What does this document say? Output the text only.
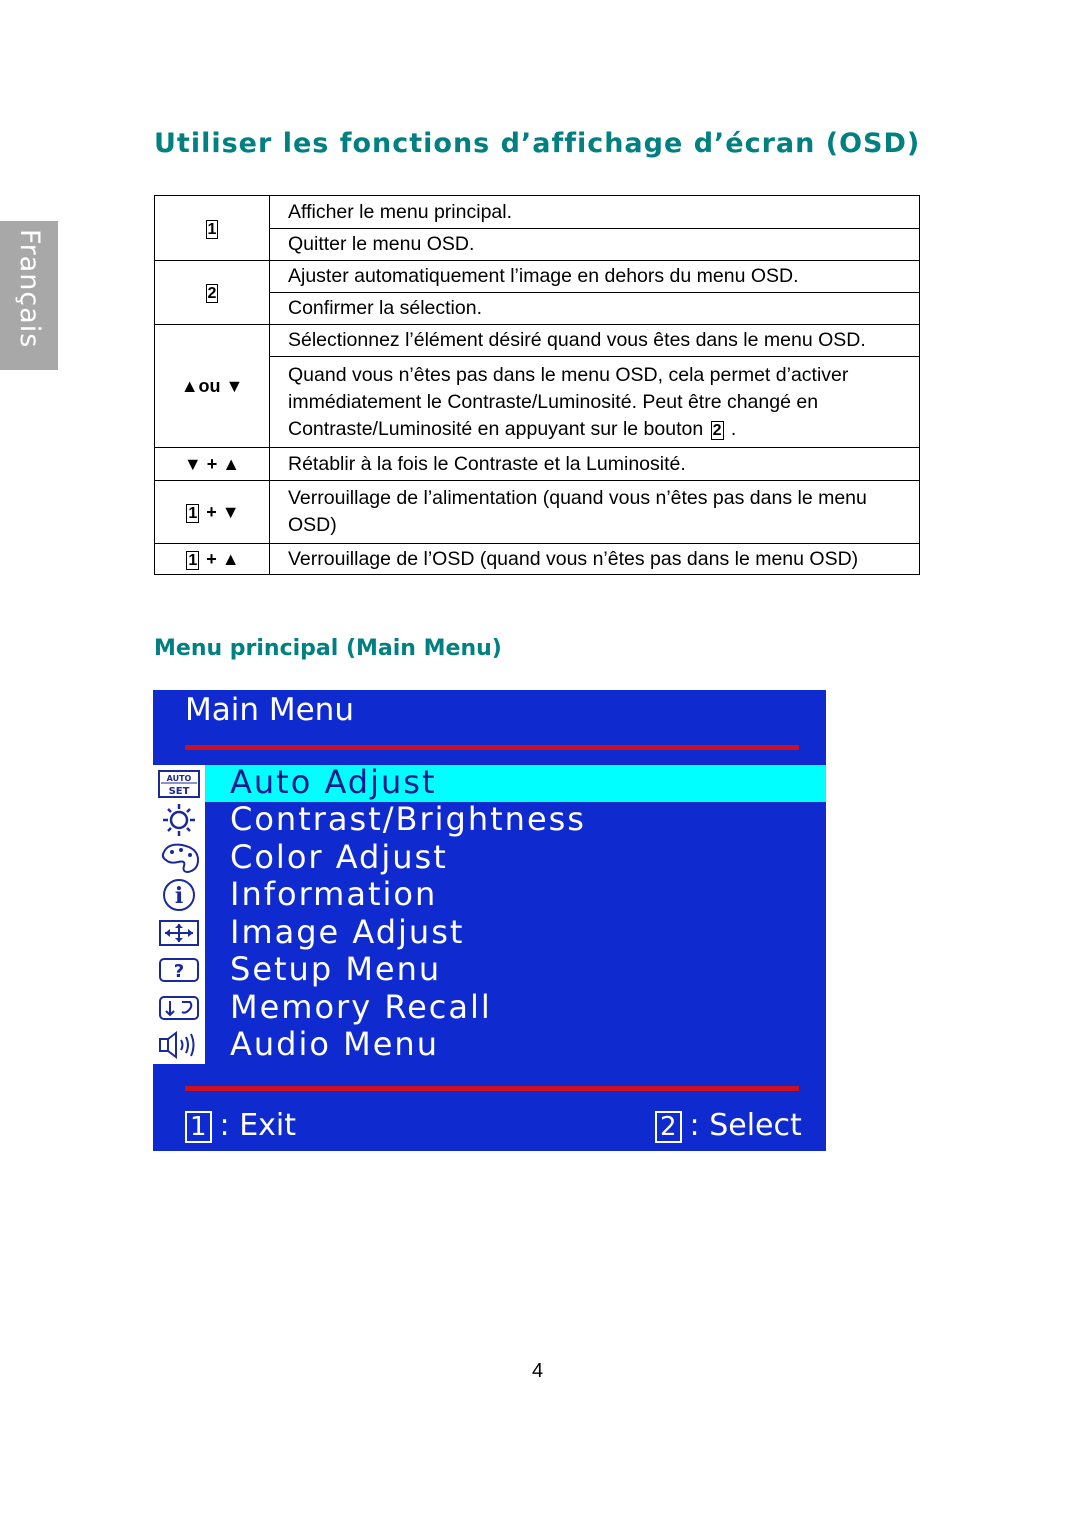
Français
Utiliser les fonctions d’affichage d’écran (OSD)
1	Afficher le menu principal.
	Quitter le menu OSD.
2	Ajuster automatiquement l’image en dehors du menu OSD.
	Confirmer la sélection.
▲ou ▼	Sélectionnez l’élément désiré quand vous êtes dans le menu OSD.
	Quand vous n’êtes pas dans le menu OSD, cela permet d’activer immédiatement le Contraste/Luminosité. Peut être changé en Contraste/Luminosité en appuyant sur le bouton 2 .
▼ + ▲	Rétablir à la fois le Contraste et la Luminosité.
1 + ▼	Verrouillage de l’alimentation (quand vous n’êtes pas dans le menu OSD)
1 + ▲	Verrouillage de l’OSD (quand vous n’êtes pas dans le menu OSD)
Menu principal (Main Menu)
Main Menu
Auto Adjust
Contrast/Brightness
Color Adjust
Information
Image Adjust
Setup Menu
Memory Recall
Audio Menu
AUTO
SET
i
?
1 : Exit	2 : Select
4
